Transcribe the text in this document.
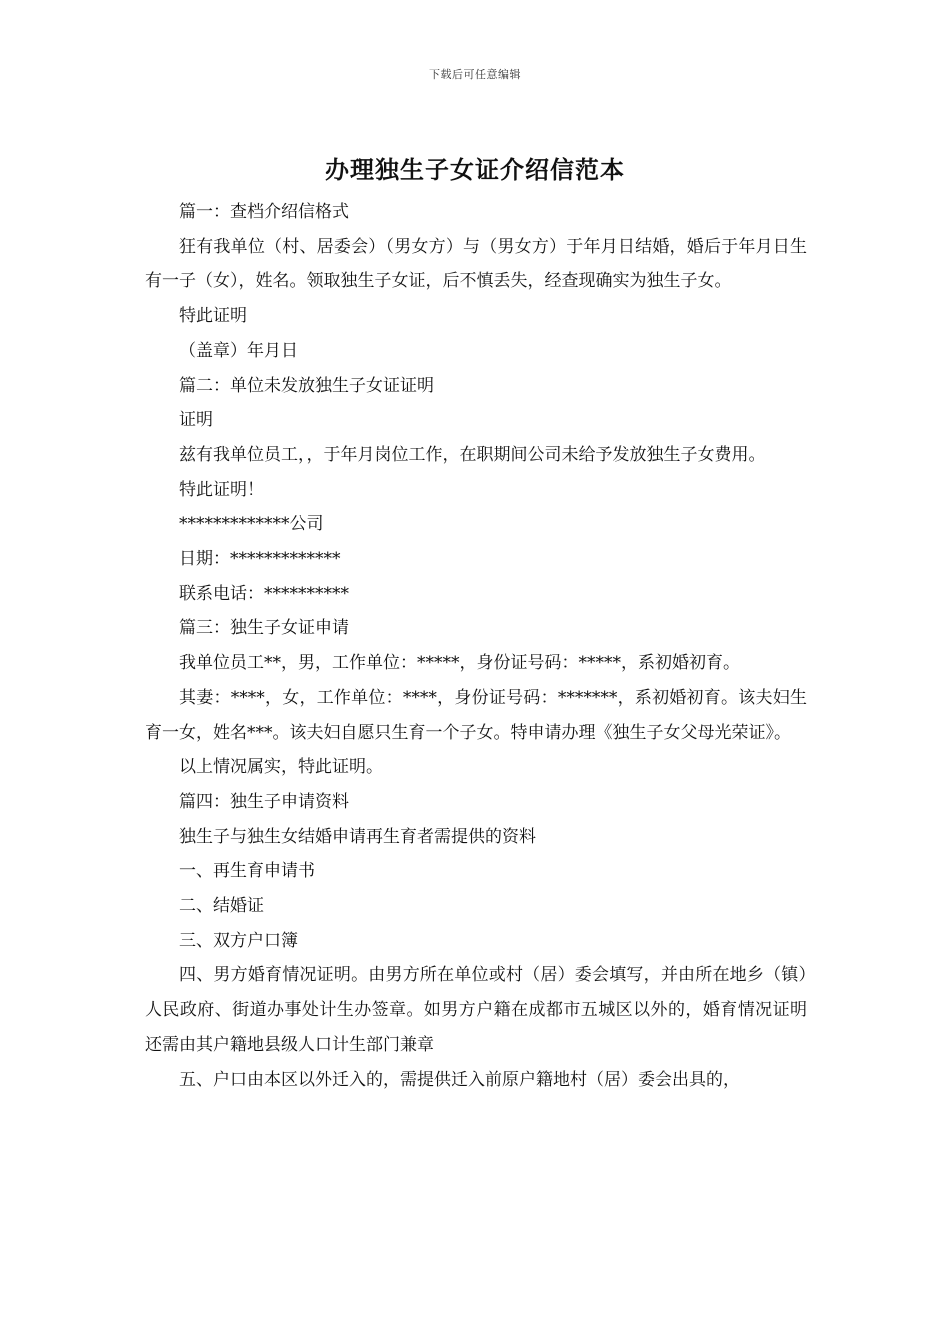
下载后可任意编辑
办理独生子女证介绍信范本

篇一：查档介绍信格式

狂有我单位（村、居委会）（男女方）与（男女方）于年月日结婚，婚后于年月日生有一子（女），姓名。领取独生子女证，后不慎丢失，经查现确实为独生子女。

特此证明

（盖章）年月日

篇二：单位未发放独生子女证证明

证明

兹有我单位员工，，于年月岗位工作，在职期间公司未给予发放独生子女费用。

特此证明！

*************公司

日期：*************

联系电话：**********

篇三：独生子女证申请

我单位员工**，男，工作单位：*****，身份证号码：*****，系初婚初育。

其妻：****，女，工作单位：****，身份证号码：*******，系初婚初育。该夫妇生育一女，姓名***。该夫妇自愿只生育一个子女。特申请办理《独生子女父母光荣证》。

以上情况属实，特此证明。

篇四：独生子申请资料

独生子与独生女结婚申请再生育者需提供的资料

一、再生育申请书

二、结婚证

三、双方户口簿

四、男方婚育情况证明。由男方所在单位或村（居）委会填写，并由所在地乡（镇）人民政府、街道办事处计生办签章。如男方户籍在成都市五城区以外的，婚育情况证明还需由其户籍地县级人口计生部门兼章

五、户口由本区以外迁入的，需提供迁入前原户籍地村（居）委会出具的，
